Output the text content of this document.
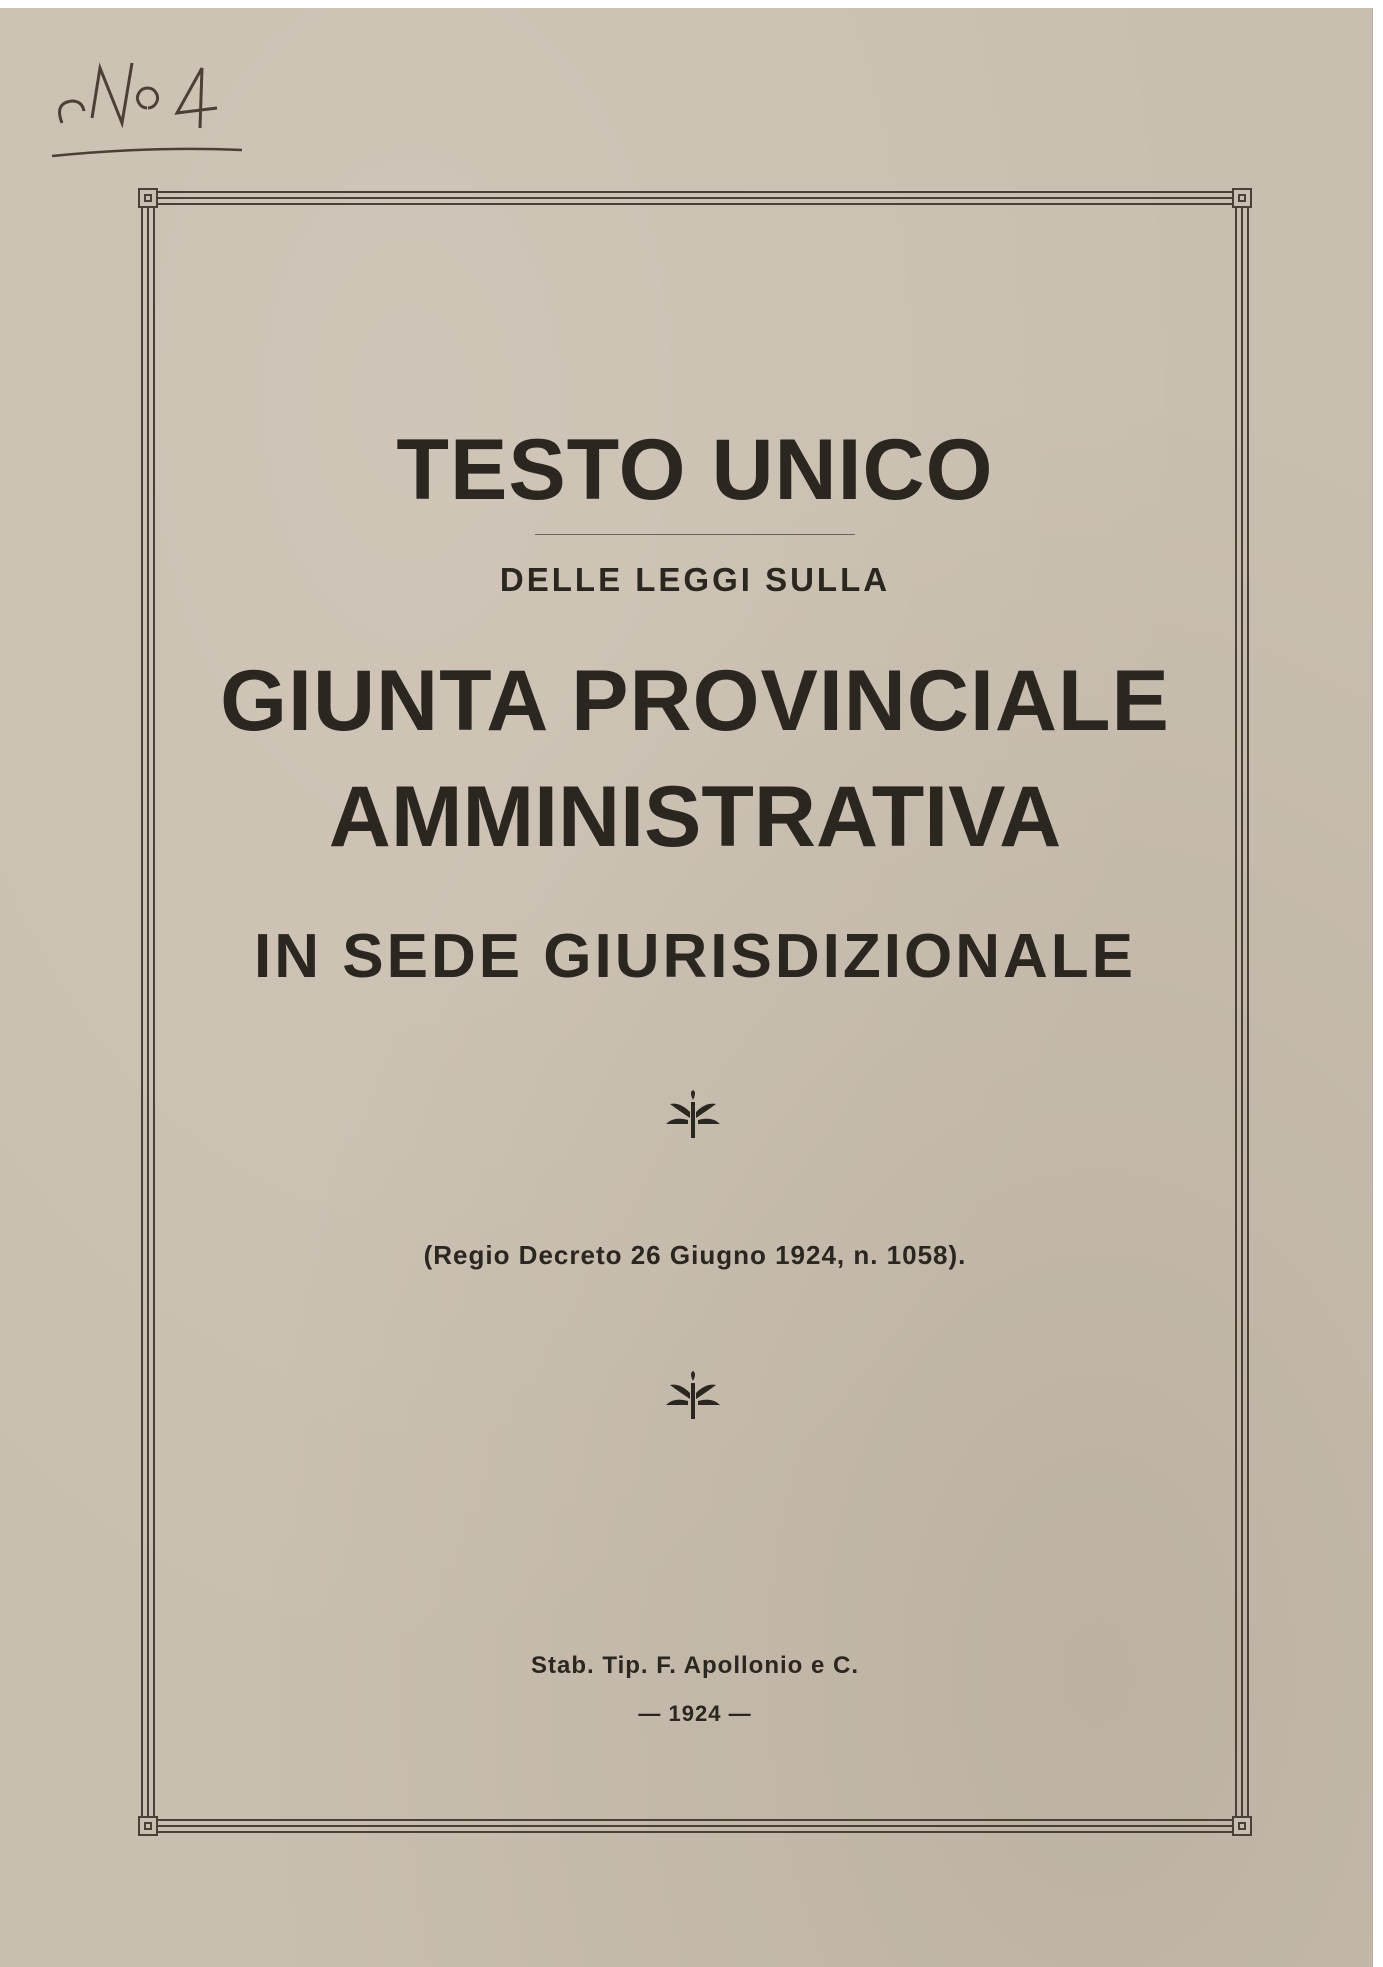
TESTO UNICO
DELLE LEGGI SULLA
GIUNTA PROVINCIALE
AMMINISTRATIVA
IN SEDE GIURISDIZIONALE
(Regio Decreto 26 Giugno 1924, n. 1058).
Stab. Tip. F. Apollonio e C.
— 1924 —
